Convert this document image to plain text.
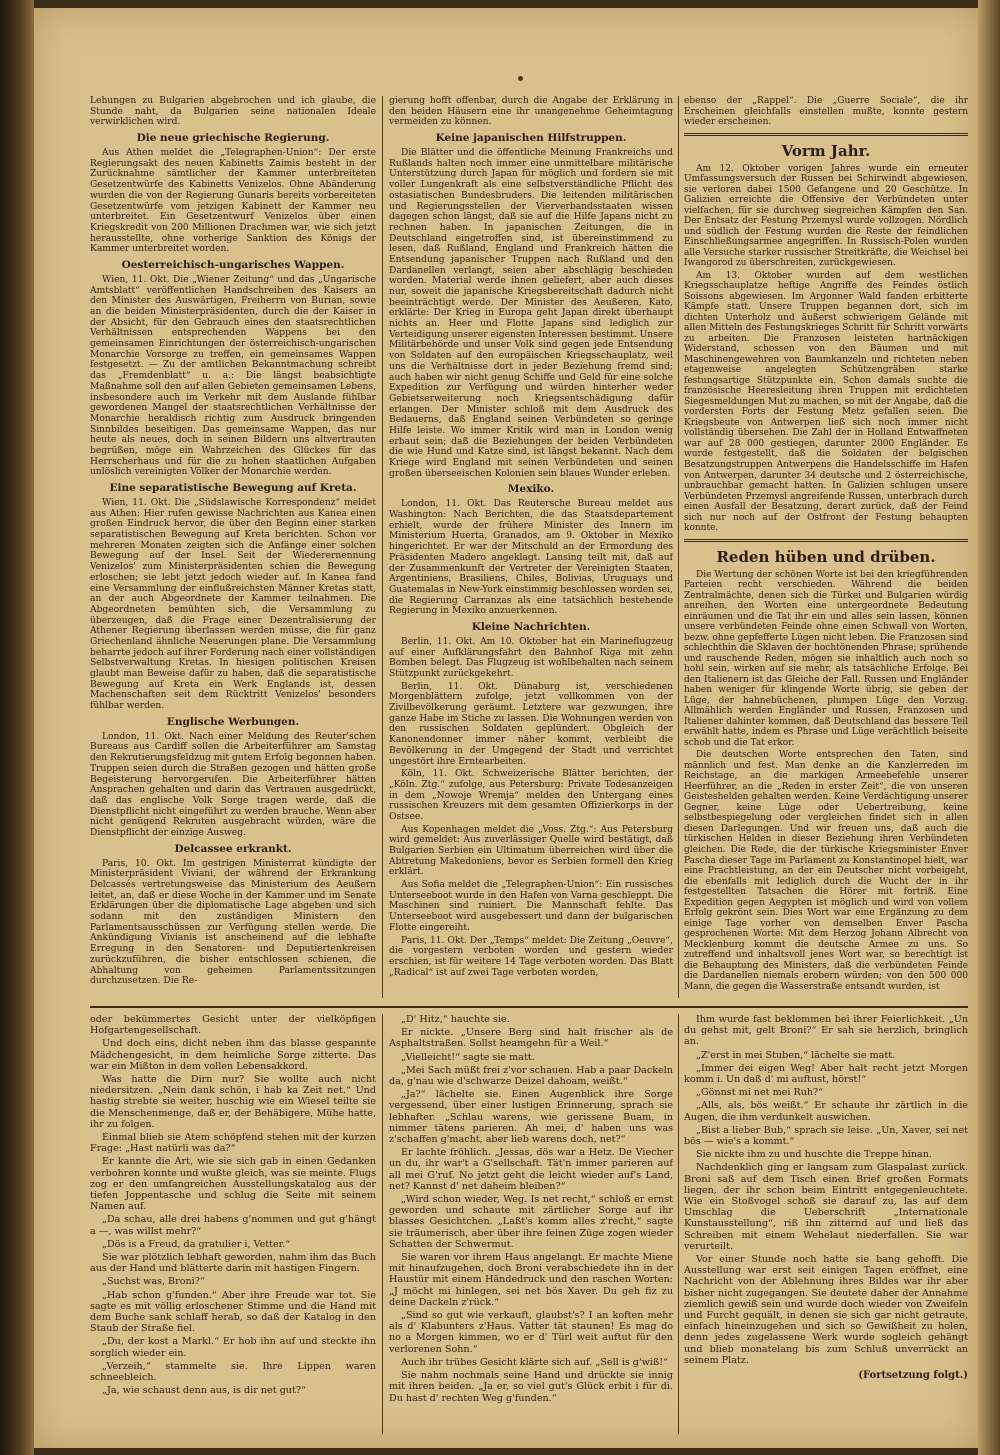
Lehungen zu Bulgarien abgebrochen und ich glaube, die Stunde naht, da Bulgarien seine nationalen Ideale verwirklichen wird.

Die neue griechische Regierung.

Aus Athen meldet die „Telegraphen-Union“: Der erste Regierungsakt des neuen Kabinetts Zaimis besteht in der Zurücknahme sämtlicher der Kammer unterbreiteten Gesetzentwürfe des Kabinetts Venizelos. Ohne Abänderung wurden die von der Regierung Gunaris bereits vorbereiteten Gesetzentwürfe vom jetzigen Kabinett der Kammer neu unterbreitet. Ein Gesetzentwurf Venizelos über einen Kriegskredit von 200 Millionen Drachmen war, wie sich jetzt herausstellte, ohne vorherige Sanktion des Königs der Kammer unterbreitet worden.

Oesterreichisch-ungarisches Wappen.

Wien, 11. Okt. Die „Wiener Zeitung“ und das „Ungarische Amtsblatt“ veröffentlichen Handschreiben des Kaisers an den Minister des Auswärtigen, Freiherrn von Burian, sowie an die beiden Ministerpräsidenten, durch die der Kaiser in der Absicht, für den Gebrauch eines den staatsrechtlichen Verhältnissen entsprechenden Wappens bei den gemeinsamen Einrichtungen der österreichisch-ungarischen Monarchie Vorsorge zu treffen, ein gemeinsames Wappen festgesetzt. — Zu der amtlichen Bekanntmachung schreibt das „Fremdenblatt“ u. a.: Die längst beabsichtigte Maßnahme soll den auf allen Gebieten gemeinsamen Lebens, insbesondere auch im Verkehr mit dem Auslande fühlbar gewordenen Mangel der staatsrechtlichen Verhältnisse der Monarchie heraldisch richtig zum Ausdruck bringenden Sinnbildes beseitigen. Das gemeinsame Wappen, das nur heute als neues, doch in seinen Bildern uns altvertrauten begrüßen, möge ein Wahrzeichen des Glückes für das Herrscherhaus und für die zu hohen staatlichen Aufgaben unlöslich vereinigten Völker der Monarchie werden.

Eine separatistische Bewegung auf Kreta.

Wien, 11. Okt. Die „Südslawische Korrespondenz“ meldet aus Athen: Hier rufen gewisse Nachrichten aus Kanea einen großen Eindruck hervor, die über den Beginn einer starken separatistischen Bewegung auf Kreta berichten. Schon vor mehreren Monaten zeigten sich die Anfänge einer solchen Bewegung auf der Insel. Seit der Wiederernennung Venizelos' zum Ministerpräsidenten schien die Bewegung erloschen; sie lebt jetzt jedoch wieder auf. In Kanea fand eine Versammlung der einflußreichsten Männer Kretas statt, an der auch Abgeordnete der Kammer teilnahmen. Die Abgeordneten bemühten sich, die Versammlung zu überzeugen, daß die Frage einer Dezentralisierung der Athener Regierung überlassen werden müsse, die für ganz Griechenland ähnliche Neuerungen plane. Die Versammlung beharrte jedoch auf ihrer Forderung nach einer vollständigen Selbstverwaltung Kretas. In hiesigen politischen Kreisen glaubt man Beweise dafür zu haben, daß die separatistische Bewegung auf Kreta ein Werk Englands ist, dessen Machenschaften seit dem Rücktritt Venizelos' besonders fühlbar werden.

Englische Werbungen.

London, 11. Okt. Nach einer Meldung des Reuter'schen Bureaus aus Cardiff sollen die Arbeiterführer am Samstag den Rekrutierungsfeldzug mit gutem Erfolg begonnen haben. Truppen seien durch die Straßen gezogen und hätten große Begeisterung hervorgerufen. Die Arbeiterführer hätten Ansprachen gehalten und darin das Vertrauen ausgedrückt, daß das englische Volk Sorge tragen werde, daß die Dienstpflicht nicht eingeführt zu werden brauche. Wenn aber nicht genügend Rekruten ausgebracht würden, wäre die Dienstpflicht der einzige Ausweg.

Delcassee erkrankt.

Paris, 10. Okt. Im gestrigen Ministerrat kündigte der Ministerpräsident Viviani, der während der Erkrankung Delcassés vertretungsweise das Ministerium des Aeußern leitet, an, daß er diese Woche in der Kammer und im Senate Erklärungen über die diplomatische Lage abgeben und sich sodann mit den zuständigen Ministern den Parlamentsausschüssen zur Verfügung stellen werde. Die Ankündigung Vivianis ist anscheinend auf die lebhafte Erregung in den Senatoren- und Deputiertenkreisen zurückzuführen, die bisher entschlossen schienen, die Abhaltung von geheimen Parlamentssitzungen durchzusetzen. Die Re-

gierung hofft offenbar, durch die Angabe der Erklärung in den beiden Häusern eine ihr unangenehme Geheimtagung vermeiden zu können.

Keine japanischen Hilfstruppen.

Die Blätter und die öffentliche Meinung Frankreichs und Rußlands halten noch immer eine unmittelbare militärische Unterstützung durch Japan für möglich und fordern sie mit voller Lungenkraft als eine selbstverständliche Pflicht des ostasiatischen Bundesbruders. Die leitenden militärischen und Regierungsstellen der Vierverbandsstaaten wissen dagegen schon längst, daß sie auf die Hilfe Japans nicht zu rechnen haben. In japanischen Zeitungen, die in Deutschland eingetroffen sind, ist übereinstimmend zu lesen, daß Rußland, England und Frankreich hätten die Entsendung japanischer Truppen nach Rußland und den Dardanellen verlangt, seien aber abschlägig beschieden worden. Material werde ihnen geliefert, aber auch dieses nur, soweit die japanische Kriegsbereitschaft dadurch nicht beeinträchtigt werde. Der Minister des Aeußeren, Kato, erklärte: Der Krieg in Europa geht Japan direkt überhaupt nichts an. Heer und Flotte Japans sind lediglich zur Verteidigung unserer eigensten Interessen bestimmt. Unsere Militärbehörde und unser Volk sind gegen jede Entsendung von Soldaten auf den europäischen Kriegsschauplatz, weil uns die Verhältnisse dort in jeder Beziehung fremd sind; auch haben wir nicht genug Schiffe und Geld für eine solche Expedition zur Verfügung und würden hinterher weder Gebietserweiterung noch Kriegsentschädigung dafür erlangen. Der Minister schloß mit dem Ausdruck des Bedauerns, daß England seinen Verbündeten so geringe Hilfe leiste. Wo immer Kritik wird man in London wenig erbaut sein; daß die Beziehungen der beiden Verbündeten die wie Hund und Katze sind, ist längst bekannt. Nach dem Kriege wird England mit seinen Verbündeten und seinen großen überseeischen Kolonien sein blaues Wunder erleben.

Mexiko.

London, 11. Okt. Das Reutersche Bureau meldet aus Washington: Nach Berichten, die das Staatsdepartement erhielt, wurde der frühere Minister des Innern im Ministerium Huerta, Granados, am 9. Oktober in Mexiko hingerichtet. Er war der Mitschuld an der Ermordung des Präsidenten Madero angeklagt. Lansing teilt mit, daß auf der Zusammenkunft der Vertreter der Vereinigten Staaten, Argentiniens, Brasiliens, Chiles, Bolivias, Uruguays und Guatemalas in New-York einstimmig beschlossen worden sei, die Regierung Carranzas als eine tatsächlich bestehende Regierung in Mexiko anzuerkennen.

Kleine Nachrichten.

Berlin, 11. Okt. Am 10. Oktober hat ein Marineflugzeug auf einer Aufklärungsfahrt den Bahnhof Riga mit zehn Bomben belegt. Das Flugzeug ist wohlbehalten nach seinem Stützpunkt zurückgekehrt.

Berlin, 11. Okt. Dünaburg ist, verschiedenen Morgenblättern zufolge, jetzt vollkommen von der Zivilbevölkerung geräumt. Letztere war gezwungen, ihre ganze Habe im Stiche zu lassen. Die Wohnungen werden von den russischen Soldaten geplündert. Obgleich der Kanonendonner immer näher kommt, verbleibt die Bevölkerung in der Umgegend der Stadt und verrichtet ungestört ihre Erntearbeiten.

Köln, 11. Okt. Schweizerische Blätter berichten, der „Köln. Ztg.“ zufolge, aus Petersburg: Private Todesanzeigen in dem „Nowoje Wremja“ melden den Untergang eines russischen Kreuzers mit dem gesamten Offizierkorps in der Ostsee.

Aus Kopenhagen meldet die „Voss. Ztg.“: Aus Petersburg wird gemeldet: Aus zuverlässiger Quelle wird bestätigt, daß Bulgarien Serbien ein Ultimatum überreichen wird über die Abtretung Makedoniens, bevor es Serbien formell den Krieg erklärt.

Aus Sofia meldet die „Telegraphen-Union“: Ein russisches Unterseeboot wurde in den Hafen von Varna geschleppt. Die Maschinen sind ruiniert. Die Mannschaft fehlte. Das Unterseeboot wird ausgebessert und dann der bulgarischen Flotte eingereiht.

Paris, 11. Okt. Der „Temps“ meldet: Die Zeitung „Oeuvre“, die vorgestern verboten worden und gestern wieder erschien, ist für weitere 14 Tage verboten worden. Das Blatt „Radical“ ist auf zwei Tage verboten worden,

ebenso der „Rappel“. Die „Guerre Sociale“, die ihr Erscheinen gleichfalls einstellen mußte, konnte gestern wieder erscheinen.

Vorm Jahr.

Am 12. Oktober vorigen Jahres wurde ein erneuter Umfassungsversuch der Russen bei Schirwindt abgewiesen, sie verloren dabei 1500 Gefangene und 20 Geschütze. In Galizien erreichte die Offensive der Verbündeten unter vielfachen, für sie durchweg siegreichen Kämpfen den San. Der Entsatz der Festung Przemysl wurde vollzogen. Nördlich und südlich der Festung wurden die Reste der feindlichen Einschließungsarmee angegriffen. In Russisch-Polen wurden alle Versuche starker russischer Streitkräfte, die Weichsel bei Iwangorod zu überschreiten, zurückgewiesen.

Am 13. Oktober wurden auf dem westlichen Kriegsschauplatze heftige Angriffe des Feindes östlich Soissons abgewiesen. Im Argonner Wald fanden erbitterte Kämpfe statt. Unsere Truppen begannen dort, sich im dichten Unterholz und äußerst schwierigem Gelände mit allen Mitteln des Festungskrieges Schritt für Schritt vorwärts zu arbeiten. Die Franzosen leisteten hartnäckigen Widerstand, schossen von den Bäumen und mit Maschinengewehren von Baumkanzeln und richteten neben etagenweise angelegten Schützengräben starke festungsartige Stützpunkte ein. Schon damals suchte die französische Heeresleitung ihren Truppen mit erdichteten Siegesmeldungen Mut zu machen, so mit der Angabe, daß die vordersten Forts der Festung Metz gefallen seien. Die Kriegsbeute von Antwerpen ließ sich noch immer nicht vollständig übersehen. Die Zahl der in Holland Entwaffneten war auf 28 000 gestiegen, darunter 2000 Engländer. Es wurde festgestellt, daß die Soldaten der belgischen Besatzungstruppen Antwerpens die Handelsschiffe im Hafen von Antwerpen, darunter 34 deutsche und 2 österreichische, unbrauchbar gemacht hatten. In Galizien schlugen unsere Verbündeten Przemysl angreifende Russen, unterbrach durch einen Ausfall der Besatzung, derart zurück, daß der Feind sich nur noch auf der Ostfront der Festung behaupten konnte.

Reden hüben und drüben.

Die Wertung der schönen Worte ist bei den kriegführenden Parteien recht verschieden. Während die beiden Zentralmächte, denen sich die Türkei und Bulgarien würdig anreihen, den Worten eine untergeordnete Bedeutung einräumen und die Tat ihr ein und alles sein lassen, können unsere verbündeten Feinde ohne einen Schwall von Worten, bezw. ohne gepfefferte Lügen nicht leben. Die Franzosen sind schlechthin die Sklaven der hochtönenden Phrase; sprühende und rauschende Reden, mögen sie inhaltlich auch noch so hohl sein, wirken auf sie mehr, als tatsächliche Erfolge. Bei den Italienern ist das Gleiche der Fall. Russen und Engländer haben weniger für klingende Worte übrig, sie geben der Lüge, der hahnebüchenen, plumpen Lüge den Vorzug. Allmählich werden Engländer und Russen, Franzosen und Italiener dahinter kommen, daß Deutschland das bessere Teil erwählt hatte, indem es Phrase und Lüge verächtlich beiseite schob und die Tat erkor.

Die deutschen Worte entsprechen den Taten, sind männlich und fest. Man denke an die Kanzlerreden im Reichstage, an die markigen Armeebefehle unserer Heerführer, an die „Reden in erster Zeit“, die von unseren Geisteshelden gehalten werden. Keine Verdächtigung unserer Gegner, keine Lüge oder Uebertreibung, keine selbstbespiegelung oder vergleichen findet sich in allen diesen Darlegungen. Und wir freuen uns, daß auch die türkischen Helden in dieser Beziehung ihren Verbündeten gleichen. Die Rede, die der türkische Kriegsminister Enver Pascha dieser Tage im Parlament zu Konstantinopel hielt, war eine Prachtleistung, an der ein Deutscher nicht vorbeigeht, die ebenfalls mit lediglich durch die Wucht der in ihr festgestellten Tatsachen die Hörer mit fortriß. Eine Expedition gegen Aegypten ist möglich und wird von vollem Erfolg gekrönt sein. Dies Wort war eine Ergänzung zu dem einige Tage vorher von demselben Enver Pascha gesprochenen Worte: Mit dem Herzog Johann Albrecht von Mecklenburg kommt die deutsche Armee zu uns. So zutreffend und inhaltsvoll jenes Wort war, so berechtigt ist die Behauptung des Ministers, daß die verbündeten Feinde die Dardanellen niemals erobern würden; von den 500 000 Mann, die gegen die Wasserstraße entsandt wurden, ist

oder bekümmertes Gesicht unter der vielköpfigen Hofgartengesellschaft.

Und doch eins, dicht neben ihm das blasse gespannte Mädchengesicht, in dem heimliche Sorge zitterte. Das war ein Mißton in dem vollen Lebensakkord.

Was hatte die Dirn nur? Sie wollte auch nicht niedersitzen. „Nein dank schön, i hab ka Zeit net.“ Und hastig strebte sie weiter, huschig wie ein Wiesel teilte sie die Menschenmenge, daß er, der Behäbigere, Mühe hatte, ihr zu folgen.

Einmal blieb sie Atem schöpfend stehen mit der kurzen Frage: „Hast natürli was da?“

Er kannte die Art, wie sie sich gab in einen Gedanken verbohren konnte und wußte gleich, was sie meinte. Flugs zog er den umfangreichen Ausstellungskatalog aus der tiefen Joppentasche und schlug die Seite mit seinem Namen auf.

„Da schau, alle drei habens g'nommen und gut g'hängt a —, was willst mehr?“

„Dös is a Freud, da gratulier i, Vetter.“

Sie war plötzlich lebhaft geworden, nahm ihm das Buch aus der Hand und blätterte darin mit hastigen Fingern.

„Suchst was, Broni?“

„Hab schon g'funden.“ Aber ihre Freude war tot. Sie sagte es mit völlig erloschener Stimme und die Hand mit dem Buche sank schlaff herab, so daß der Katalog in den Staub der Straße fiel.

„Du, der kost a Markl.“ Er hob ihn auf und steckte ihn sorglich wieder ein.

„Verzeih,“ stammelte sie. Ihre Lippen waren schneebleich.

„Ja, wie schaust denn aus, is dir net gut?“

„D' Hitz,“ hauchte sie.

Er nickte. „Unsere Berg sind halt frischer als de Asphaltstraßen. Sollst heamgehn für a Weil.“

„Vielleicht!“ sagte sie matt.

„Mei Sach müßt frei z'vor schauen. Hab a paar Dackeln da, g'nau wie d'schwarze Deizel dahoam, weißt.“

„Ja?“ lächelte sie. Einen Augenblick ihre Sorge vergessend, über einer lustigen Erinnerung, sprach sie lebhafter. „Schlau warens, wie gerissene Buam, in nimmer tätens parieren. Ah mei, d' haben uns was z'schaffen g'macht, aber lieb warens doch, net?“

Er lachte fröhlich. „Jessas, dös war a Hetz. De Viecher un du, ihr war't a G'sellschaft. Tät'n immer parieren auf all mei G'ruf. No jetzt geht die leicht wieder auf's Land, net? Kannst d' net daheim bleiben?“

„Wird schon wieder, Weg. Is net recht,“ schloß er ernst geworden und schaute mit zärtlicher Sorge auf ihr blasses Gesichtchen. „Laßt's komm alles z'recht,“ sagte sie träumerisch, aber über ihre feinen Züge zogen wieder Schatten der Schwermut.

Sie waren vor ihrem Haus angelangt. Er machte Miene mit hinaufzugehen, doch Broni verabschiedete ihn in der Haustür mit einem Händedruck und den raschen Worten: „J möcht mi hinlegen, sei net bös Xaver. Du geh fiz zu deine Dackeln z'rück.“

„Sind so gut wie verkauft, glaubst's? I an koften mehr als d' Klabunters z'Haus. Vatter tät staunen! Es mag do no a Morgen kimmen, wo er d' Türl weit auftut für den verlorenen Sohn.“

Auch ihr trübes Gesicht klärte sich auf. „Sell is g'wiß!“

Sie nahm nochmals seine Hand und drückte sie innig mit ihren beiden. „Ja er, so viel gut's Glück erbit i für di. Du hast d' rechten Weg g'funden.“

Ihm wurde fast beklommen bei ihrer Feierlichkeit. „Un du gehst mit, gelt Broni?“ Er sah sie herzlich, bringlich an.

„Z'erst in mei Stuben,“ lächelte sie matt.

„Immer dei eigen Weg! Aber halt recht jetzt Morgen komm i. Un daß d' mi auftust, hörst!“

„Gönnst mi net mei Ruh?“

„Alls, als, bös weißt.“ Er schaute ihr zärtlich in die Augen, die ihm verdunkelt auswichen.

„Bist a lieber Bub,“ sprach sie leise. „Un, Xaver, sei net bös — wie's a kommt.“

Sie nickte ihm zu und huschte die Treppe hinan.

Nachdenklich ging er langsam zum Glaspalast zurück. Broni saß auf dem Tisch einen Brief großen Formats liegen, der ihr schon beim Eintritt entgegenleuchtete. Wie ein Stoßvogel schoß sie darauf zu, las auf dem Umschlag die Ueberschrift „Internationale Kunstausstellung“, riß ihn zitternd auf und ließ das Schreiben mit einem Wehelaut niederfallen. Sie war verurteilt.

Vor einer Stunde noch hatte sie bang gehofft. Die Ausstellung war erst seit einigen Tagen eröffnet, eine Nachricht von der Ablehnung ihres Bildes war ihr aber bisher nicht zugegangen. Sie deutete daher der Annahme ziemlich gewiß sein und wurde doch wieder von Zweifeln und Furcht gequält, in denen sie sich gar nicht getraute, einfach hineinzugehen und sich so Gewißheit zu holen, denn jedes zugelassene Werk wurde sogleich gehängt und blieb monatelang bis zum Schluß unverrückt an seinem Platz.

(Fortsetzung folgt.)
